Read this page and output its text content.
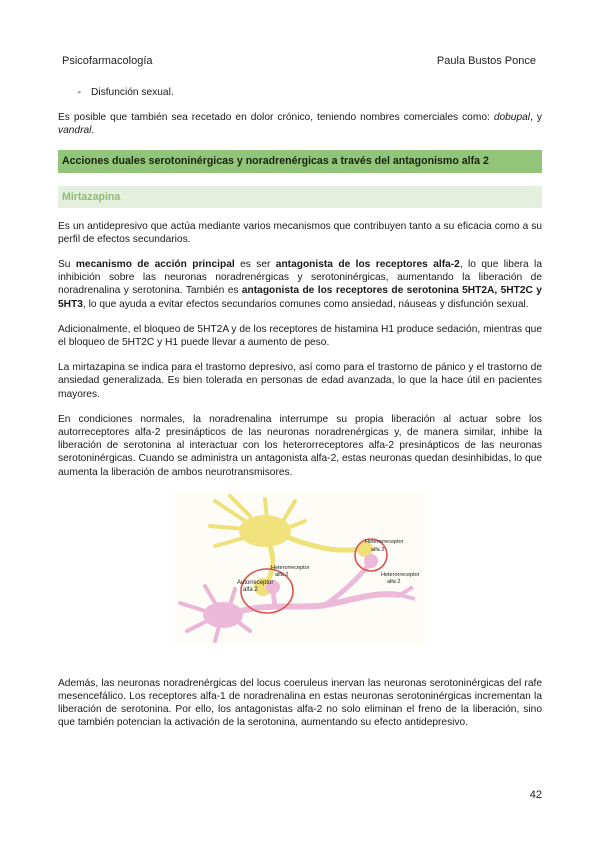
Psicofarmacología	Paula Bustos Ponce
- Disfunción sexual.

Es posible que también sea recetado en dolor crónico, teniendo nombres comerciales como: dobupal, y vandral.

Acciones duales serotoninérgicas y noradrenérgicas a través del antagonismo alfa 2
Mirtazapina

Es un antidepresivo que actúa mediante varios mecanismos que contribuyen tanto a su eficacia como a su perfil de efectos secundarios.

Su mecanismo de acción principal es ser antagonista de los receptores alfa-2, lo que libera la inhibición sobre las neuronas noradrenérgicas y serotoninérgicas, aumentando la liberación de noradrenalina y serotonina. También es antagonista de los receptores de serotonina 5HT2A, 5HT2C y 5HT3, lo que ayuda a evitar efectos secundarios comunes como ansiedad, náuseas y disfunción sexual.

Adicionalmente, el bloqueo de 5HT2A y de los receptores de histamina H1 produce sedación, mientras que el bloqueo de 5HT2C y H1 puede llevar a aumento de peso.

La mirtazapina se indica para el trastorno depresivo, así como para el trastorno de pánico y el trastorno de ansiedad generalizada. Es bien tolerada en personas de edad avanzada, lo que la hace útil en pacientes mayores.

En condiciones normales, la noradrenalina interrumpe su propia liberación al actuar sobre los autorreceptores alfa-2 presinápticos de las neuronas noradrenérgicas y, de manera similar, inhibe la liberación de serotonina al interactuar con los heterorreceptores alfa-2 presinápticos de las neuronas serotoninérgicas. Cuando se administra un antagonista alfa-2, estas neuronas quedan desinhibidas, lo que aumenta la liberación de ambos neurotransmisores.

Autorreceptor
alfa 2
Heterorreceptor
alfa 2
Heterorreceptor
alfa 2
Heterorreceptor
alfa 2

Además, las neuronas noradrenérgicas del locus coeruleus inervan las neuronas serotoninérgicas del rafe mesencefálico. Los receptores alfa-1 de noradrenalina en estas neuronas serotoninérgicas incrementan la liberación de serotonina. Por ello, los antagonistas alfa-2 no solo eliminan el freno de la liberación, sino que también potencian la activación de la serotonina, aumentando su efecto antidepresivo.

42
